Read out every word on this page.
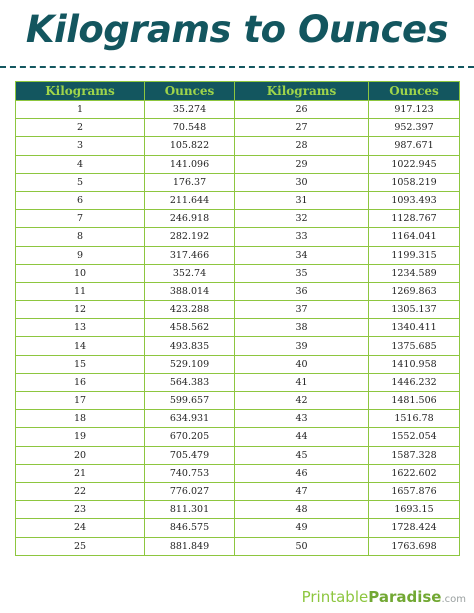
Kilograms to Ounces
Kilograms	Ounces	Kilograms	Ounces
1	35.274	26	917.123
2	70.548	27	952.397
3	105.822	28	987.671
4	141.096	29	1022.945
5	176.37	30	1058.219
6	211.644	31	1093.493
7	246.918	32	1128.767
8	282.192	33	1164.041
9	317.466	34	1199.315
10	352.74	35	1234.589
11	388.014	36	1269.863
12	423.288	37	1305.137
13	458.562	38	1340.411
14	493.835	39	1375.685
15	529.109	40	1410.958
16	564.383	41	1446.232
17	599.657	42	1481.506
18	634.931	43	1516.78
19	670.205	44	1552.054
20	705.479	45	1587.328
21	740.753	46	1622.602
22	776.027	47	1657.876
23	811.301	48	1693.15
24	846.575	49	1728.424
25	881.849	50	1763.698
PrintableParadise.com
